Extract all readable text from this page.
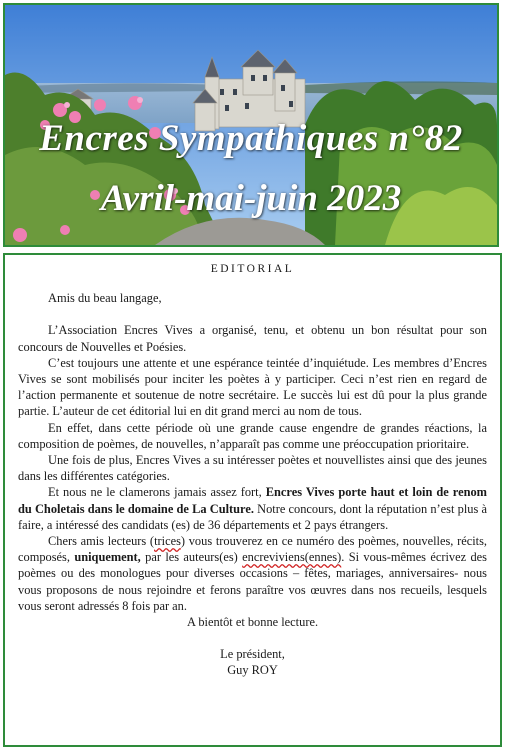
Encres Sympathiques n°82

Avril-mai-juin 2023

EDITORIAL

Amis du beau langage,

L’Association Encres Vives a organisé, tenu, et obtenu un bon résultat pour son concours de Nouvelles et Poésies.

C’est toujours une attente et une espérance teintée d’inquiétude. Les membres d’Encres Vives se sont mobilisés pour inciter les poètes à y participer. Ceci n’est rien en regard de l’action permanente et soutenue de notre secrétaire. Le succès lui est dû pour la plus grande partie. L’auteur de cet éditorial lui en dit grand merci au nom de tous.

En effet, dans cette période où une grande cause engendre de grandes réactions, la composition de poèmes, de nouvelles, n’apparaît pas comme une préoccupation prioritaire.

Une fois de plus, Encres Vives a su intéresser poètes et nouvellistes ainsi que des jeunes dans les différentes catégories.

Et nous ne le clamerons jamais assez fort, Encres Vives porte haut et loin de renom du Choletais dans le domaine de La Culture. Notre concours, dont la réputation n’est plus à faire, a intéressé des candidats (es) de 36 départements et 2 pays étrangers.

Chers amis lecteurs (trices) vous trouverez en ce numéro des poèmes, nouvelles, récits, composés, uniquement, par les auteurs(es) encreviviens(ennes). Si vous-mêmes écrivez des poèmes ou des monologues pour diverses occasions – fêtes, mariages, anniversaires- nous vous proposons de nous rejoindre et ferons paraître vos œuvres dans nos recueils, lesquels vous seront adressés 8 fois par an.

A bientôt et bonne lecture.

Le président,

Guy ROY
